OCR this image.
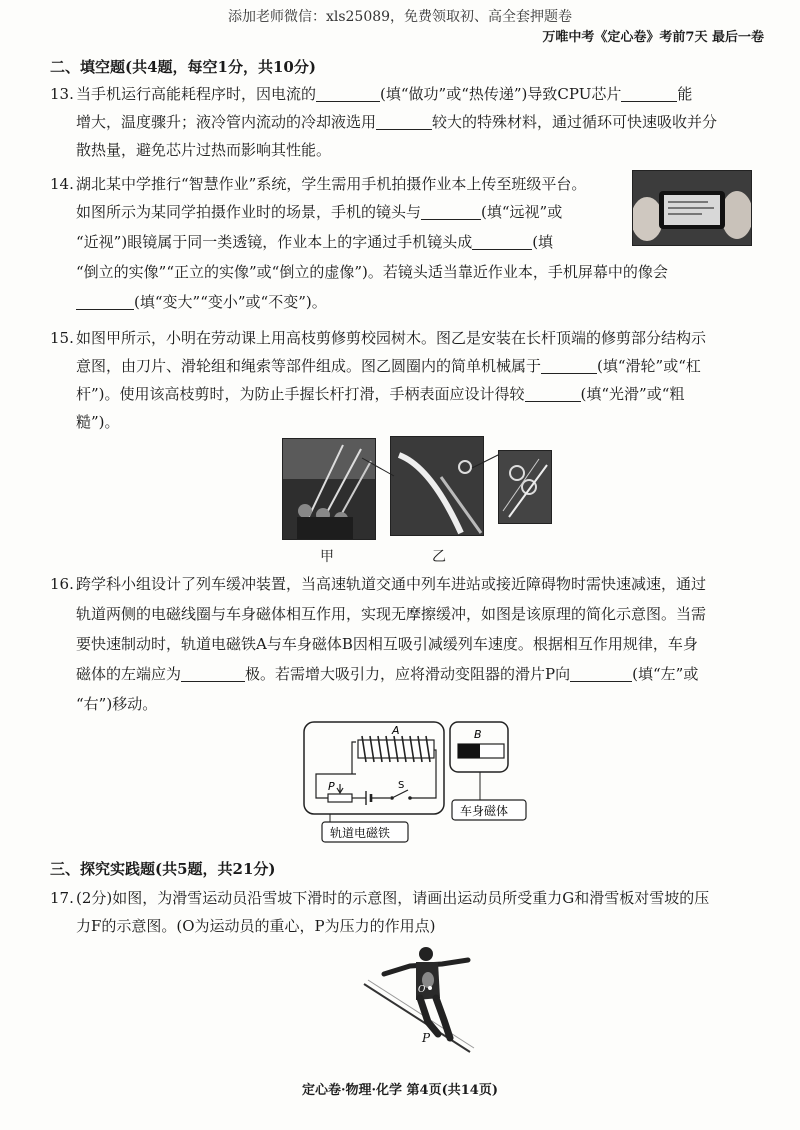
添加老师微信：xls25089，免费领取初、高全套押题卷
万唯中考《定心卷》考前7天 最后一卷
二、填空题(共4题，每空1分，共10分)
13. 当手机运行高能耗程序时，因电流的	(填“做功”或“热传递”)导致CPU芯片	能
增大，温度骤升；液冷管内流动的冷却液选用	较大的特殊材料，通过循环可快速吸收并分
散热量，避免芯片过热而影响其性能。
14. 湖北某中学推行“智慧作业”系统，学生需用手机拍摄作业本上传至班级平台。
如图所示为某同学拍摄作业时的场景，手机的镜头与	(填“远视”或
“近视”)眼镜属于同一类透镜，作业本上的字通过手机镜头成	(填
“倒立的实像”“正立的实像”或“倒立的虚像”)。若镜头适当靠近作业本，手机屏幕中的像会
(填“变大”“变小”或“不变”)。
15. 如图甲所示，小明在劳动课上用高枝剪修剪校园树木。图乙是安装在长杆顶端的修剪部分结构示
意图，由刀片、滑轮组和绳索等部件组成。图乙圆圈内的简单机械属于	(填“滑轮”或“杠
杆”)。使用该高枝剪时，为防止手握长杆打滑，手柄表面应设计得较	(填“光滑”或“粗
糙”)。
甲	乙
16. 跨学科小组设计了列车缓冲装置，当高速轨道交通中列车进站或接近障碍物时需快速减速，通过
轨道两侧的电磁线圈与车身磁体相互作用，实现无摩擦缓冲，如图是该原理的简化示意图。当需
要快速制动时，轨道电磁铁A与车身磁体B因相互吸引减缓列车速度。根据相互作用规律，车身
磁体的左端应为	极。若需增大吸引力，应将滑动变阻器的滑片P向	(填“左”或
“右”)移动。
A	B
P	S
轨道电磁铁
车身磁体
三、探究实践题(共5题，共21分)
17. (2分)如图，为滑雪运动员沿雪坡下滑时的示意图，请画出运动员所受重力G和滑雪板对雪坡的压
力F的示意图。(O为运动员的重心，P为压力的作用点)
O
P
定心卷·物理·化学 第4页(共14页)
